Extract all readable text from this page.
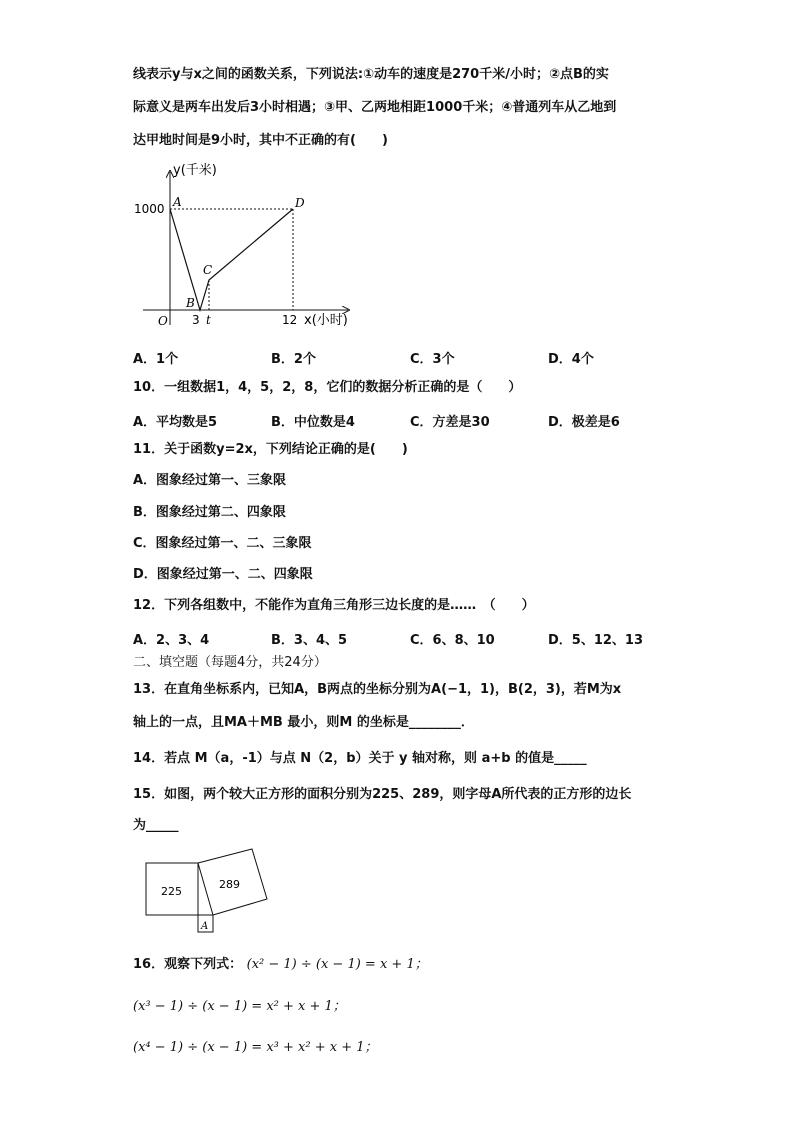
线表示y与x之间的函数关系，下列说法:①动车的速度是270千米/小时；②点B的实
际意义是两车出发后3小时相遇；③甲、乙两地相距1000千米；④普通列车从乙地到
达甲地时间是9小时，其中不正确的有(　　)
y(千米)
1000 A	D
C
B
O 3 t	12 x(小时)
A．1个	B．2个	C．3个	D．4个
10．一组数据1，4，5，2，8，它们的数据分析正确的是（　　）
A．平均数是5	B．中位数是4	C．方差是30	D．极差是6
11．关于函数y=2x，下列结论正确的是(　　)
A．图象经过第一、三象限
B．图象经过第二、四象限
C．图象经过第一、二、三象限
D．图象经过第一、二、四象限
12．下列各组数中，不能作为直角三角形三边长度的是……　（　　）
A．2、3、4	B．3、4、5	C．6、8、10	D．5、12、13
二、填空题（每题4分，共24分）
13．在直角坐标系内，已知A，B两点的坐标分别为A(−1，1)，B(2，3)，若M为x
轴上的一点，且MA＋MB 最小，则M 的坐标是________．
14．若点 M（a，-1）与点 N（2，b）关于 y 轴对称，则 a+b 的值是_____
15．如图，两个较大正方形的面积分别为225、289，则字母A所代表的正方形的边长
为_____
225
289
A
16．观察下列式： (x² − 1) ÷ (x − 1) = x + 1；
(x³ − 1) ÷ (x − 1) = x² + x + 1；
(x⁴ − 1) ÷ (x − 1) = x³ + x² + x + 1；
